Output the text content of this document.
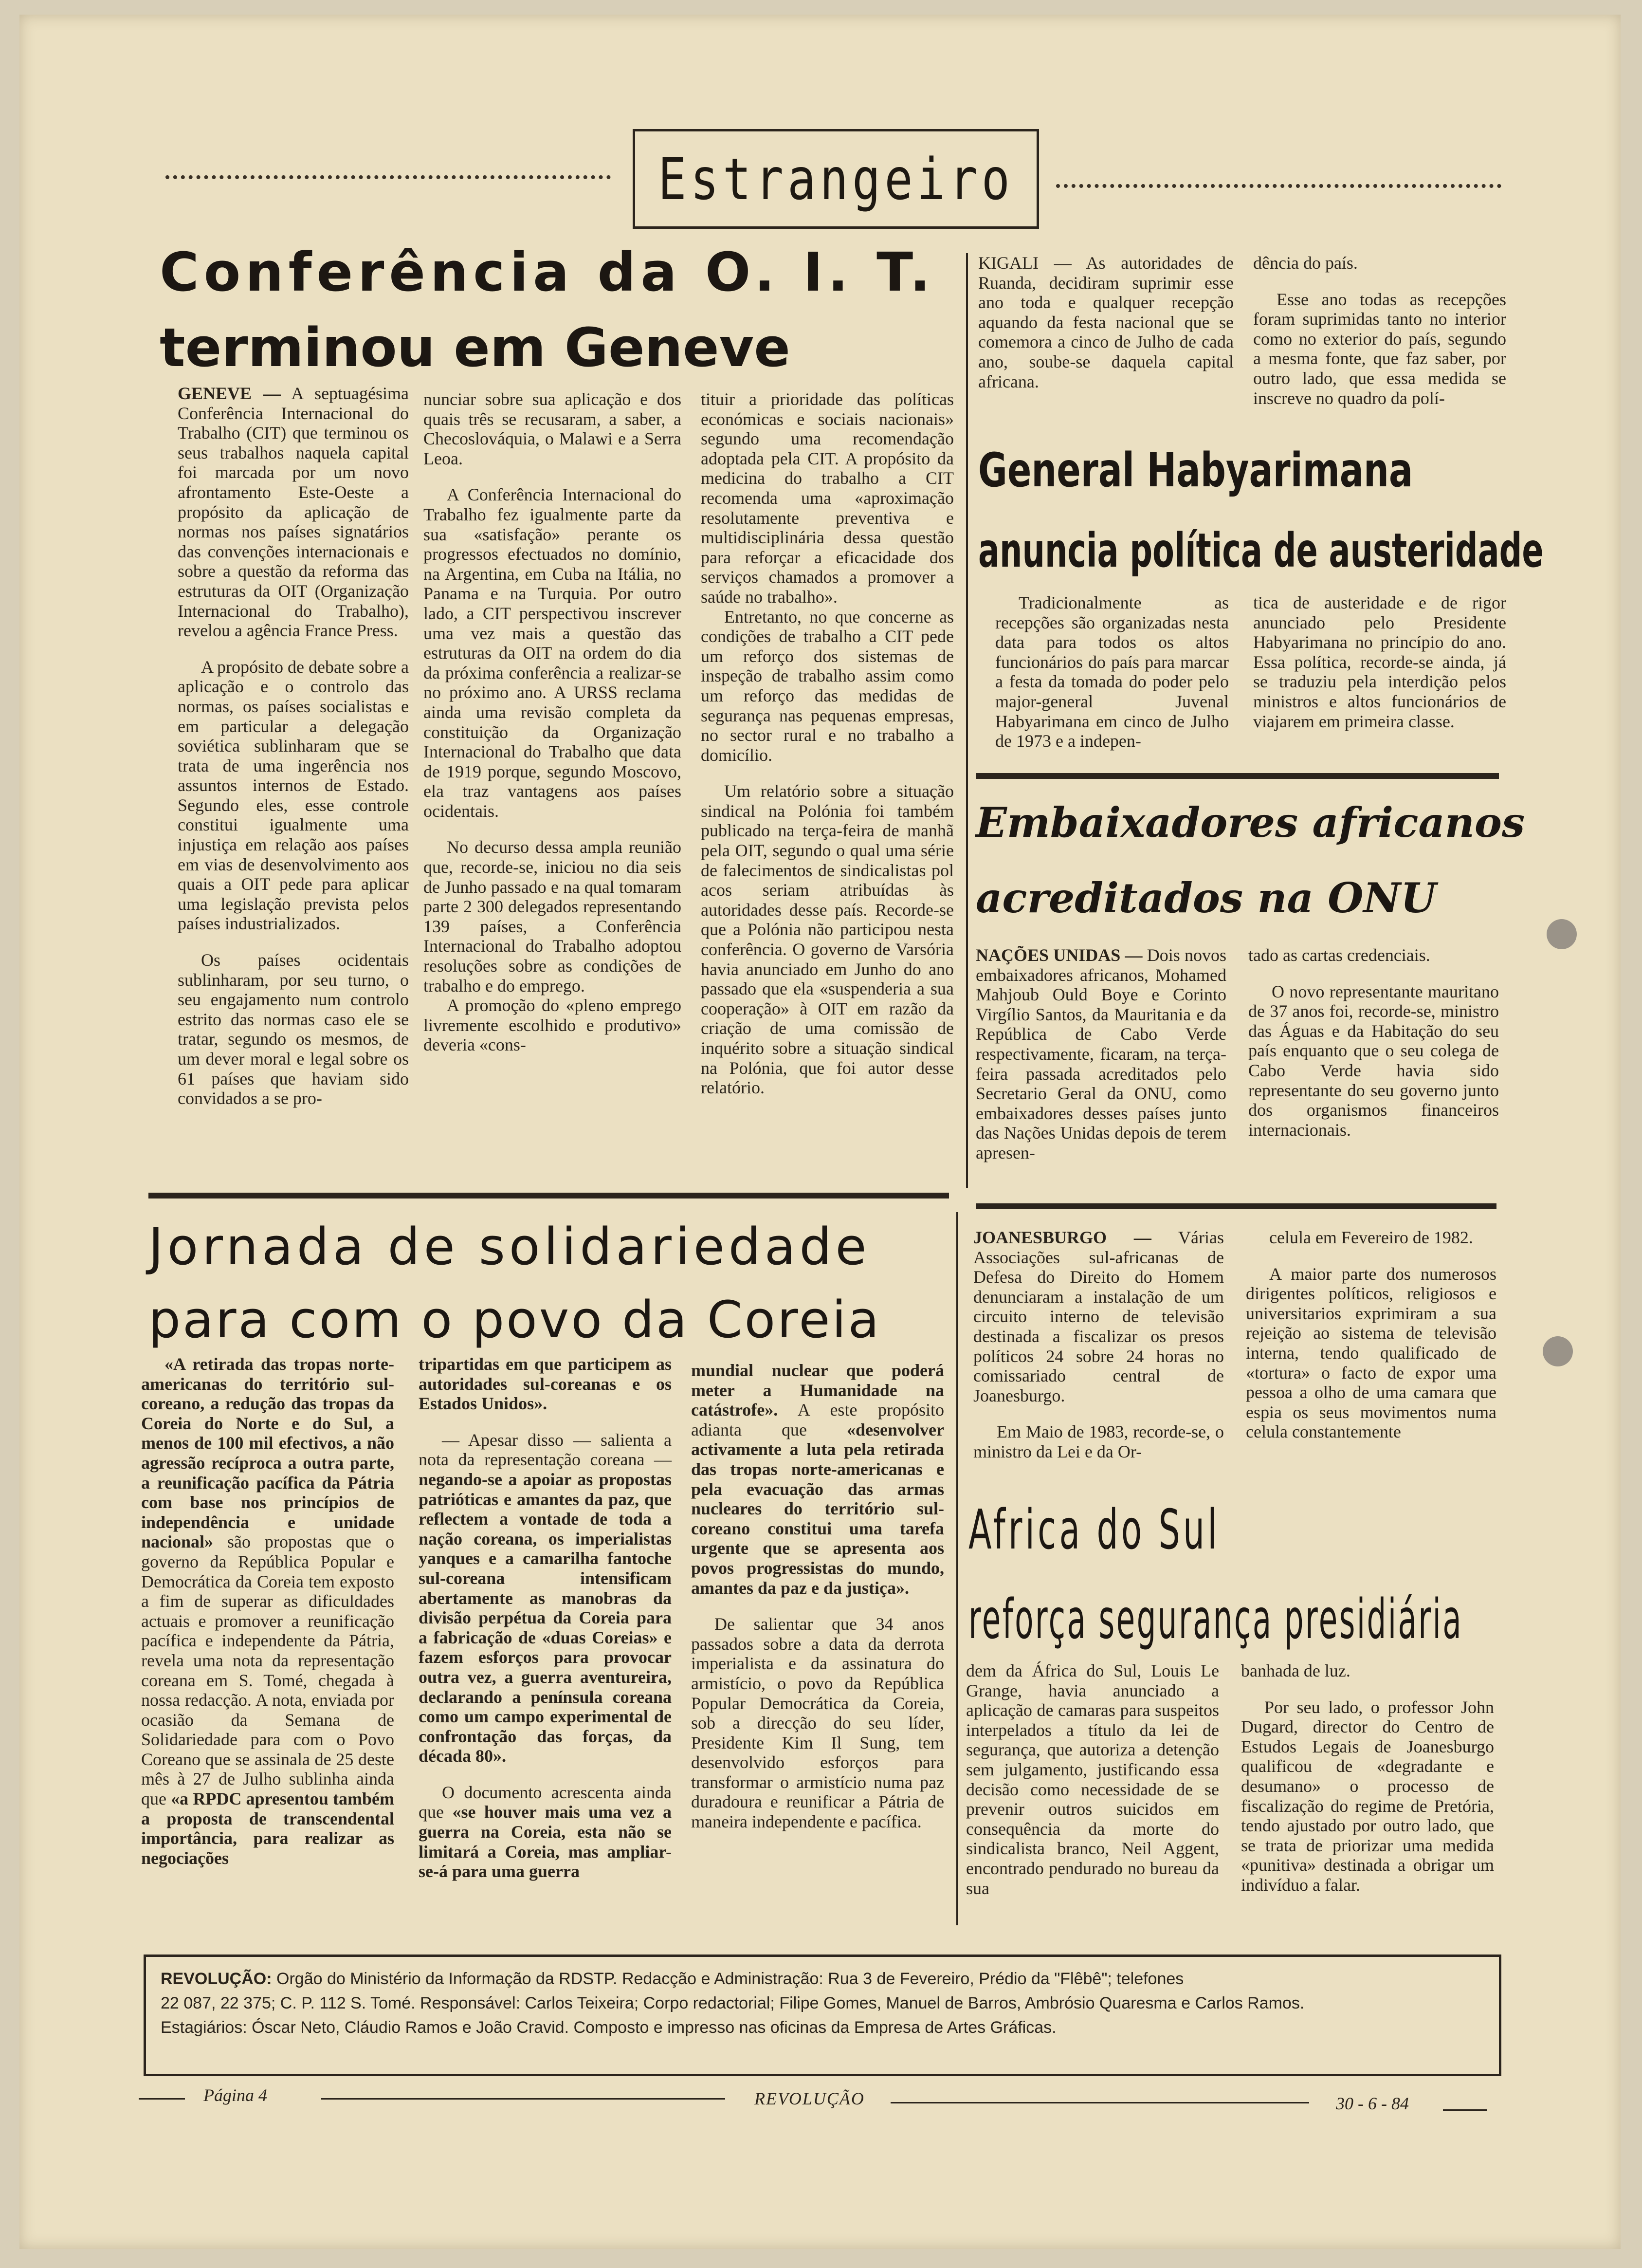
Estrangeiro
Conferência da O. I. T.
terminou em Geneve

GENEVE — A septuagésima Conferência Internacional do Trabalho (CIT) que terminou os seus trabalhos naquela capital foi marcada por um novo afrontamento Este-Oeste a propósito da aplicação de normas nos países signatários das convenções internacionais e sobre a questão da reforma das estruturas da OIT (Organização Internacional do Trabalho), revelou a agência France Press.

A propósito de debate sobre a aplicação e o controlo das normas, os países socialistas e em particular a delegação soviética sublinharam que se trata de uma ingerência nos assuntos internos de Estado. Segundo eles, esse controle constitui igualmente uma injustiça em relação aos países em vias de desenvolvimento aos quais a OIT pede para aplicar uma legislação prevista pelos países industrializados.

Os países ocidentais sublinharam, por seu turno, o seu engajamento num controlo estrito das normas caso ele se tratar, segundo os mesmos, de um dever moral e legal sobre os 61 países que haviam sido convidados a se pro-

nunciar sobre sua aplicação e dos quais três se recusaram, a saber, a Checoslováquia, o Malawi e a Serra Leoa.

A Conferência Internacional do Trabalho fez igualmente parte da sua «satisfação» perante os progressos efectuados no domínio, na Argentina, em Cuba na Itália, no Panama e na Turquia. Por outro lado, a CIT perspectivou inscrever uma vez mais a questão das estruturas da OIT na ordem do dia da próxima conferência a realizar-se no próximo ano. A URSS reclama ainda uma revisão completa da constituição da Organização Internacional do Trabalho que data de 1919 porque, segundo Moscovo, ela traz vantagens aos países ocidentais.

No decurso dessa ampla reunião que, recorde-se, iniciou no dia seis de Junho passado e na qual tomaram parte 2 300 delegados representando 139 países, a Conferência Internacional do Trabalho adoptou resoluções sobre as condições de trabalho e do emprego.

A promoção do «pleno emprego livremente escolhido e produtivo» deveria «cons-

tituir a prioridade das políticas económicas e sociais nacionais» segundo uma recomendação adoptada pela CIT. A propósito da medicina do trabalho a CIT recomenda uma «aproximação resolutamente preventiva e multidisciplinária dessa questão para reforçar a eficacidade dos serviços chamados a promover a saúde no trabalho».

Entretanto, no que concerne as condições de trabalho a CIT pede um reforço dos sistemas de inspeção de trabalho assim como um reforço das medidas de segurança nas pequenas empresas, no sector rural e no trabalho a domicílio.

Um relatório sobre a situação sindical na Polónia foi também publicado na terça-feira de manhã pela OIT, segundo o qual uma série de falecimentos de sindicalistas pol acos seriam atribuídas às autoridades desse país. Recorde-se que a Polónia não participou nesta conferência. O governo de Varsória havia anunciado em Junho do ano passado que ela «suspenderia a sua cooperação» à OIT em razão da criação de uma comissão de inquérito sobre a situação sindical na Polónia, que foi autor desse relatório.

KIGALI — As autoridades de Ruanda, decidiram suprimir esse ano toda e qualquer recepção aquando da festa nacional que se comemora a cinco de Julho de cada ano, soube-se daquela capital africana.

dência do país.

Esse ano todas as recepções foram suprimidas tanto no interior como no exterior do país, segundo a mesma fonte, que faz saber, por outro lado, que essa medida se inscreve no quadro da polí-

General Habyarimana
anuncia política de austeridade

Tradicionalmente as recepções são organizadas nesta data para todos os altos funcionários do país para marcar a festa da tomada do poder pelo major-general Juvenal Habyarimana em cinco de Julho de 1973 e a indepen-

tica de austeridade e de rigor anunciado pelo Presidente Habyarimana no princípio do ano. Essa política, recorde-se ainda, já se traduziu pela interdição pelos ministros e altos funcionários de viajarem em primeira classe.

Embaixadores africanos
acreditados na ONU

NAÇÕES UNIDAS — Dois novos embaixadores africanos, Mohamed Mahjoub Ould Boye e Corinto Virgílio Santos, da Mauritania e da República de Cabo Verde respectivamente, ficaram, na terça-feira passada acreditados pelo Secretario Geral da ONU, como embaixadores desses países junto das Nações Unidas depois de terem apresen-

tado as cartas credenciais.

O novo representante mauritano de 37 anos foi, recorde-se, ministro das Águas e da Habitação do seu país enquanto que o seu colega de Cabo Verde havia sido representante do seu governo junto dos organismos financeiros internacionais.

Jornada de solidariedade
para com o povo da Coreia

«A retirada das tropas norte-americanas do território sul-coreano, a redução das tropas da Coreia do Norte e do Sul, a menos de 100 mil efectivos, a não agressão recíproca a outra parte, a reunificação pacífica da Pátria com base nos princípios de independência e unidade nacional» são propostas que o governo da República Popular e Democrática da Coreia tem exposto a fim de superar as dificuldades actuais e promover a reunificação pacífica e independente da Pátria, revela uma nota da representação coreana em S. Tomé, chegada à nossa redacção. A nota, enviada por ocasião da Semana de Solidariedade para com o Povo Coreano que se assinala de 25 deste mês à 27 de Julho sublinha ainda que «a RPDC apresentou também a proposta de transcendental importância, para realizar as negociações

tripartidas em que participem as autoridades sul-coreanas e os Estados Unidos».

— Apesar disso — salienta a nota da representação coreana — negando-se a apoiar as propostas patrióticas e amantes da paz, que reflectem a vontade de toda a nação coreana, os imperialistas yanques e a camarilha fantoche sul-coreana intensificam abertamente as manobras da divisão perpétua da Coreia para a fabricação de «duas Coreias» e fazem esforços para provocar outra vez, a guerra aventureira, declarando a península coreana como um campo experimental de confrontação das forças, da década 80».

O documento acrescenta ainda que «se houver mais uma vez a guerra na Coreia, esta não se limitará a Coreia, mas ampliar-se-á para uma guerra

mundial nuclear que poderá meter a Humanidade na catástrofe». A este propósito adianta que «desenvolver activamente a luta pela retirada das tropas norte-americanas e pela evacuação das armas nucleares do território sul-coreano constitui uma tarefa urgente que se apresenta aos povos progressistas do mundo, amantes da paz e da justiça».

De salientar que 34 anos passados sobre a data da derrota imperialista e da assinatura do armistício, o povo da República Popular Democrática da Coreia, sob a direcção do seu líder, Presidente Kim Il Sung, tem desenvolvido esforços para transformar o armistício numa paz duradoura e reunificar a Pátria de maneira independente e pacífica.

JOANESBURGO — Várias Associações sul-africanas de Defesa do Direito do Homem denunciaram a instalação de um circuito interno de televisão destinada a fiscalizar os presos políticos 24 sobre 24 horas no comissariado central de Joanesburgo.

Em Maio de 1983, recorde-se, o ministro da Lei e da Or-

celula em Fevereiro de 1982.

A maior parte dos numerosos dirigentes políticos, religiosos e universitarios exprimiram a sua rejeição ao sistema de televisão interna, tendo qualificado de «tortura» o facto de expor uma pessoa a olho de uma camara que espia os seus movimentos numa celula constantemente

Africa do Sul
reforça segurança presidiária

dem da África do Sul, Louis Le Grange, havia anunciado a aplicação de camaras para suspeitos interpelados a título da lei de segurança, que autoriza a detenção sem julgamento, justificando essa decisão como necessidade de se prevenir outros suicidos em consequência da morte do sindicalista branco, Neil Aggent, encontrado pendurado no bureau da sua

banhada de luz.

Por seu lado, o professor John Dugard, director do Centro de Estudos Legais de Joanesburgo qualificou de «degradante e desumano» o processo de fiscalização do regime de Pretória, tendo ajustado por outro lado, que se trata de priorizar uma medida «punitiva» destinada a obrigar um indivíduo a falar.

REVOLUÇÃO: Orgão do Ministério da Informação da RDSTP. Redacção e Administração: Rua 3 de Fevereiro, Prédio da "Flêbê"; telefones
22 087, 22 375; C. P. 112 S. Tomé. Responsável: Carlos Teixeira; Corpo redactorial; Filipe Gomes, Manuel de Barros, Ambrósio Quaresma e Carlos Ramos.
Estagiários: Óscar Neto, Cláudio Ramos e João Cravid. Composto e impresso nas oficinas da Empresa de Artes Gráficas.
Página 4	REVOLUÇÃO	30 - 6 - 84
